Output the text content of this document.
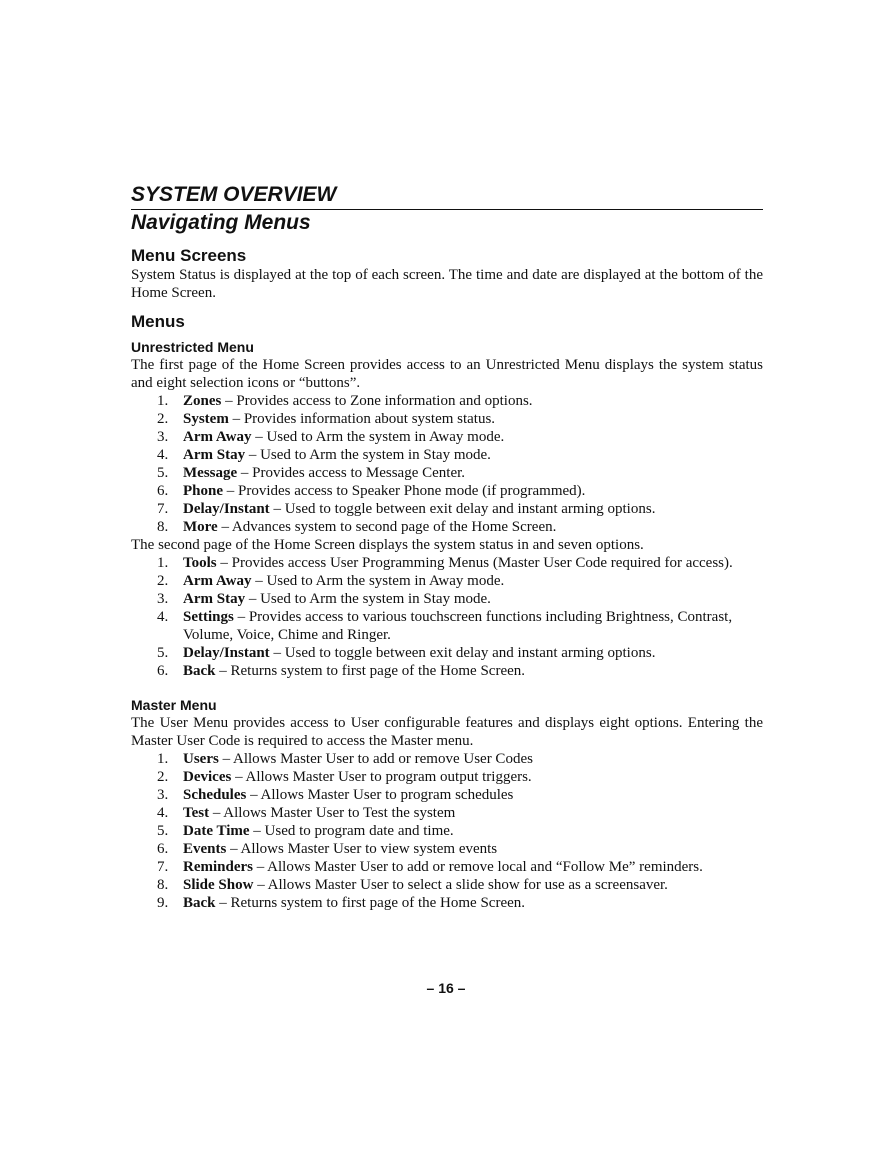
SYSTEM OVERVIEW
Navigating Menus
Menu Screens

System Status is displayed at the top of each screen. The time and date are displayed at the bottom of the Home Screen.

Menus
Unrestricted Menu

The first page of the Home Screen provides access to an Unrestricted Menu displays the system status and eight selection icons or “buttons”.

1. Zones – Provides access to Zone information and options.
2. System – Provides information about system status.
3. Arm Away – Used to Arm the system in Away mode.
4. Arm Stay – Used to Arm the system in Stay mode.
5. Message – Provides access to Message Center.
6. Phone – Provides access to Speaker Phone mode (if programmed).
7. Delay/Instant – Used to toggle between exit delay and instant arming options.
8. More – Advances system to second page of the Home Screen.

The second page of the Home Screen displays the system status in and seven options.

1. Tools – Provides access User Programming Menus (Master User Code required for access).
2. Arm Away – Used to Arm the system in Away mode.
3. Arm Stay – Used to Arm the system in Stay mode.
4. Settings – Provides access to various touchscreen functions including Brightness, Contrast, Volume, Voice, Chime and Ringer.
5. Delay/Instant – Used to toggle between exit delay and instant arming options.
6. Back – Returns system to first page of the Home Screen.
Master Menu

The User Menu provides access to User configurable features and displays eight options. Entering the Master User Code is required to access the Master menu.

1. Users – Allows Master User to add or remove User Codes
2. Devices – Allows Master User to program output triggers.
3. Schedules – Allows Master User to program schedules
4. Test – Allows Master User to Test the system
5. Date Time – Used to program date and time.
6. Events – Allows Master User to view system events
7. Reminders – Allows Master User to add or remove local and “Follow Me” reminders.
8. Slide Show – Allows Master User to select a slide show for use as a screensaver.
9. Back – Returns system to first page of the Home Screen.
– 16 –
